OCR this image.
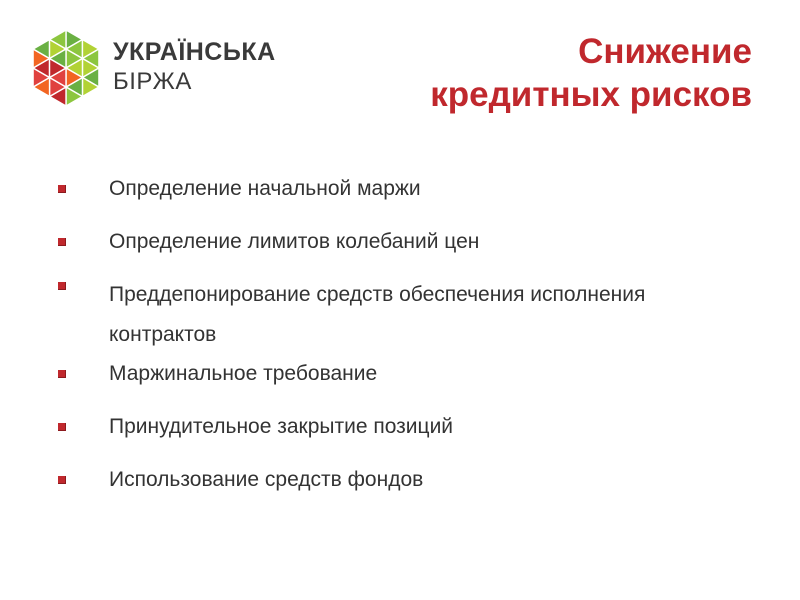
УКРАЇНСЬКА
БІРЖА
Снижение
кредитных рисков
Определение начальной маржи
Определение лимитов колебаний цен
Преддепонирование средств обеспечения исполнения контрактов
Маржинальное требование
Принудительное закрытие позиций
Использование средств фондов
